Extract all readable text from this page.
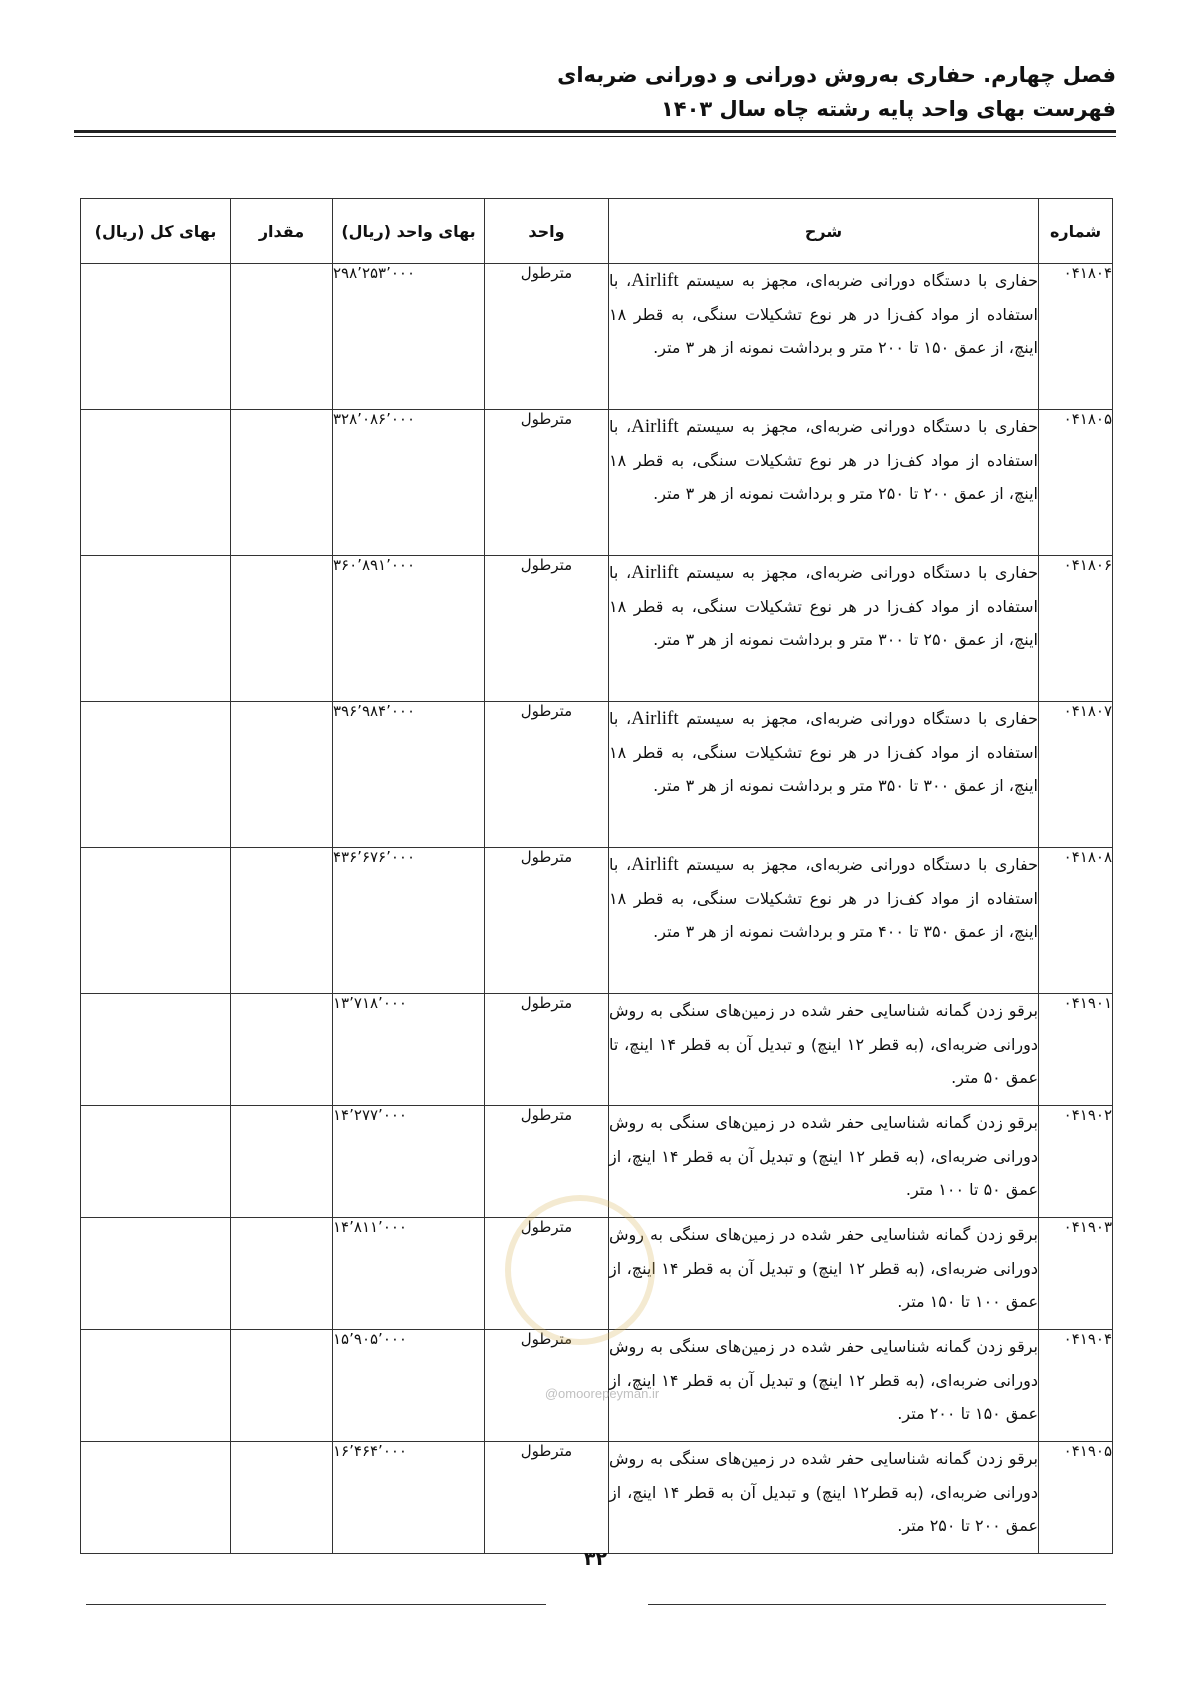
فصل چهارم. حفاری به‌روش دورانی و دورانی ضربه‌ای
فهرست بهای واحد پایه رشته چاه سال ۱۴۰۳
شماره	شرح	واحد	بهای واحد (ریال)	مقدار	بهای کل (ریال)
۰۴۱۸۰۴	حفاری با دستگاه دورانی ضربه‌ای، مجهز به سیستم Airlift، با استفاده از مواد کف‌زا در هر نوع تشکیلات سنگی، به قطر ۱۸ اینچ، از عمق ۱۵۰ تا ۲۰۰ متر و برداشت نمونه از هر ۳ متر.	مترطول	۲۹۸٬۲۵۳٬۰۰۰		
۰۴۱۸۰۵	حفاری با دستگاه دورانی ضربه‌ای، مجهز به سیستم Airlift، با استفاده از مواد کف‌زا در هر نوع تشکیلات سنگی، به قطر ۱۸ اینچ، از عمق ۲۰۰ تا ۲۵۰ متر و برداشت نمونه از هر ۳ متر.	مترطول	۳۲۸٬۰۸۶٬۰۰۰		
۰۴۱۸۰۶	حفاری با دستگاه دورانی ضربه‌ای، مجهز به سیستم Airlift، با استفاده از مواد کف‌زا در هر نوع تشکیلات سنگی، به قطر ۱۸ اینچ، از عمق ۲۵۰ تا ۳۰۰ متر و برداشت نمونه از هر ۳ متر.	مترطول	۳۶۰٬۸۹۱٬۰۰۰		
۰۴۱۸۰۷	حفاری با دستگاه دورانی ضربه‌ای، مجهز به سیستم Airlift، با استفاده از مواد کف‌زا در هر نوع تشکیلات سنگی، به قطر ۱۸ اینچ، از عمق ۳۰۰ تا ۳۵۰ متر و برداشت نمونه از هر ۳ متر.	مترطول	۳۹۶٬۹۸۴٬۰۰۰		
۰۴۱۸۰۸	حفاری با دستگاه دورانی ضربه‌ای، مجهز به سیستم Airlift، با استفاده از مواد کف‌زا در هر نوع تشکیلات سنگی، به قطر ۱۸ اینچ، از عمق ۳۵۰ تا ۴۰۰ متر و برداشت نمونه از هر ۳ متر.	مترطول	۴۳۶٬۶۷۶٬۰۰۰		
۰۴۱۹۰۱	برقو زدن گمانه شناسایی حفر شده در زمین‌های سنگی به روش دورانی ضربه‌ای، (به قطر ۱۲ اینچ) و تبدیل آن به قطر ۱۴ اینچ، تا عمق ۵۰ متر.	مترطول	۱۳٬۷۱۸٬۰۰۰		
۰۴۱۹۰۲	برقو زدن گمانه شناسایی حفر شده در زمین‌های سنگی به روش دورانی ضربه‌ای، (به قطر ۱۲ اینچ) و تبدیل آن به قطر ۱۴ اینچ، از عمق ۵۰ تا ۱۰۰ متر.	مترطول	۱۴٬۲۷۷٬۰۰۰		
۰۴۱۹۰۳	برقو زدن گمانه شناسایی حفر شده در زمین‌های سنگی به روش دورانی ضربه‌ای، (به قطر ۱۲ اینچ) و تبدیل آن به قطر ۱۴ اینچ، از عمق ۱۰۰ تا ۱۵۰ متر.	مترطول	۱۴٬۸۱۱٬۰۰۰		
۰۴۱۹۰۴	برقو زدن گمانه شناسایی حفر شده در زمین‌های سنگی به روش دورانی ضربه‌ای، (به قطر ۱۲ اینچ) و تبدیل آن به قطر ۱۴ اینچ، از عمق ۱۵۰ تا ۲۰۰ متر.	مترطول	۱۵٬۹۰۵٬۰۰۰		
۰۴۱۹۰۵	برقو زدن گمانه شناسایی حفر شده در زمین‌های سنگی به روش دورانی ضربه‌ای، (به قطر۱۲ اینچ) و تبدیل آن به قطر ۱۴ اینچ، از عمق ۲۰۰ تا ۲۵۰ متر.	مترطول	۱۶٬۴۶۴٬۰۰۰		
@omoorepeyman.ir
۳۲
